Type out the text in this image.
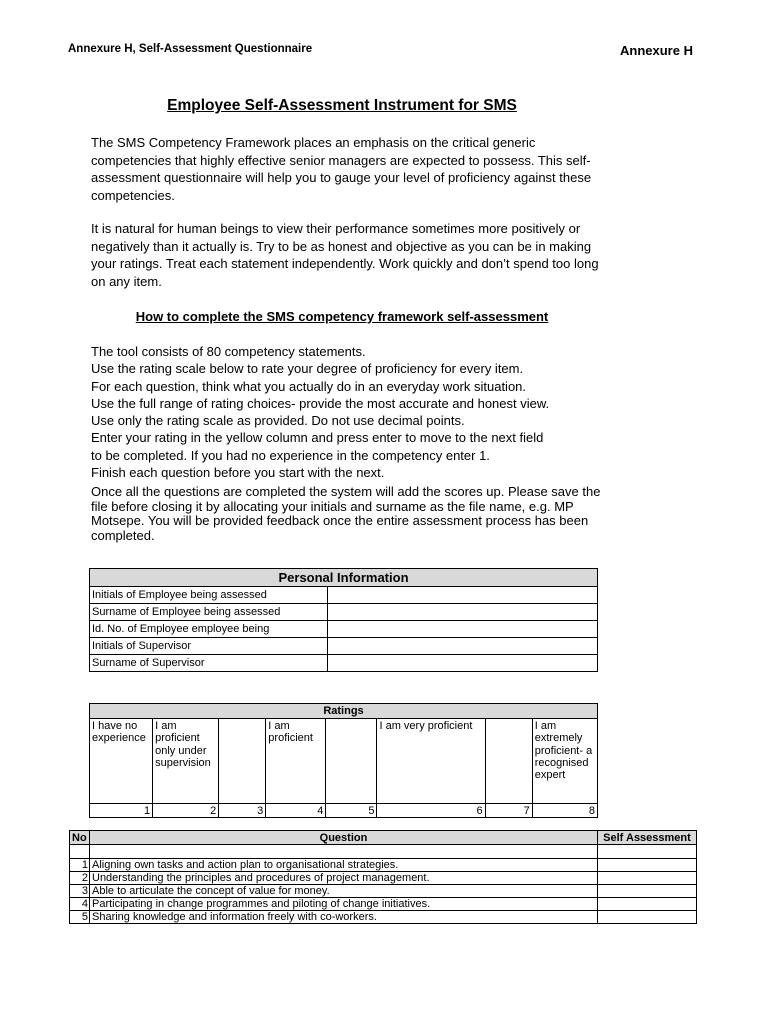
Annexure H, Self-Assessment Questionnaire	Annexure H
Employee Self-Assessment Instrument for SMS
The SMS Competency Framework places an emphasis on the critical generic competencies that highly effective senior managers are expected to possess. This self-assessment questionnaire will help you to gauge your level of proficiency against these competencies.
It is natural for human beings to view their performance sometimes more positively or negatively than it actually is. Try to be as honest and objective as you can be in making your ratings. Treat each statement independently. Work quickly and don’t spend too long on any item.
How to complete the SMS competency framework self-assessment
The tool consists of 80 competency statements.
Use the rating scale below to rate your degree of proficiency for every item.
For each question, think what you actually do in an everyday work situation.
Use the full range of rating choices- provide the most accurate and honest view.
Use only the rating scale as provided. Do not use decimal points.
Enter your rating in the yellow column and press enter to move to the next field
to be completed. If you had no experience in the competency enter 1.
Finish each question before you start with the next.
Once all the questions are completed the system will add the scores up. Please save the file before closing it by allocating your initials and surname as the file name, e.g. MP Motsepe. You will be provided feedback once the entire assessment process has been completed.
Personal Information	
Initials of Employee being assessed	
Surname of Employee being assessed	
Id. No. of Employee employee being	
Initials of Supervisor	
Surname of Supervisor	
Ratings							
I have no experience	I am proficient only under supervision		I am proficient		I am very proficient		I am extremely proficient- a recognised expert
1	2	3	4	5	6	7	8
No	Question	Self Assessment

1	Aligning own tasks and action plan to organisational strategies.	
2	Understanding the principles and procedures of project management.	
3	Able to articulate the concept of value for money.	
4	Participating in change programmes and piloting of change initiatives.	
5	Sharing knowledge and information freely with co-workers.	
